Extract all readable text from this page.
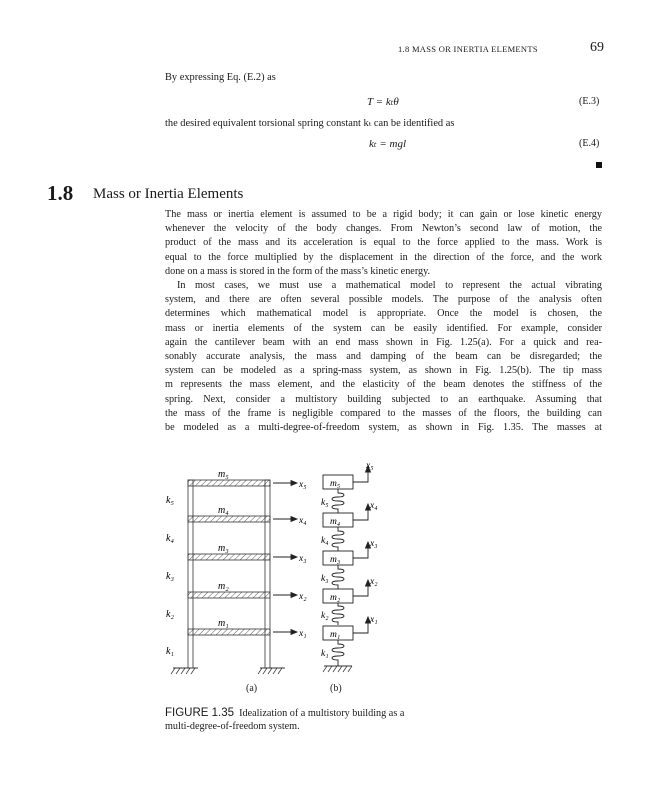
1.8 MASS OR INERTIA ELEMENTS	69
By expressing Eq. (E.2) as
T = kₜθ	(E.3)
the desired equivalent torsional spring constant kₜ can be identified as
kₜ = mgl	(E.4)
1.8 Mass or Inertia Elements
The mass or inertia element is assumed to be a rigid body; it can gain or lose kinetic energy
whenever the velocity of the body changes. From Newton’s second law of motion, the
product of the mass and its acceleration is equal to the force applied to the mass. Work is
equal to the force multiplied by the displacement in the direction of the force, and the work
done on a mass is stored in the form of the mass’s kinetic energy.
In most cases, we must use a mathematical model to represent the actual vibrating
system, and there are often several possible models. The purpose of the analysis often
determines which mathematical model is appropriate. Once the model is chosen, the
mass or inertia elements of the system can be easily identified. For example, consider
again the cantilever beam with an end mass shown in Fig. 1.25(a). For a quick and rea-
sonably accurate analysis, the mass and damping of the beam can be disregarded; the
system can be modeled as a spring-mass system, as shown in Fig. 1.25(b). The tip mass
m represents the mass element, and the elasticity of the beam denotes the stiffness of the
spring. Next, consider a multistory building subjected to an earthquake. Assuming that
the mass of the frame is negligible compared to the masses of the floors, the building can
be modeled as a multi-degree-of-freedom system, as shown in Fig. 1.35. The masses at
m₅
m₄
m₃
m₂
m₁
k₅
k₄
k₃
k₂
k₁
x₅
x₄
x₃
x₂
x₁
m₅
m₄
m₃
m₂
m₁
k₅
k₄
k₃
k₂
k₁
x₅
x₄
x₃
x₂
x₁
(a)	(b)
FIGURE 1.35 Idealization of a multistory building as a multi-degree-of-freedom system.
